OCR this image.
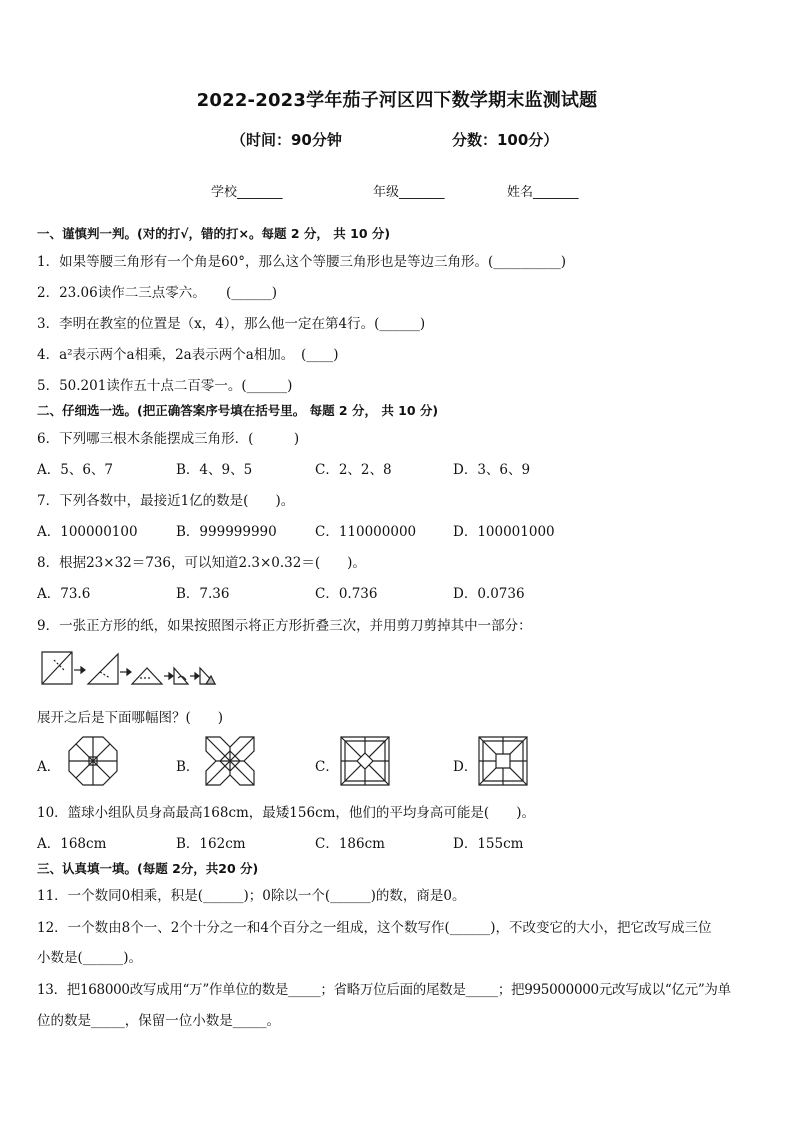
2022-2023学年茄子河区四下数学期末监测试题
（时间：90分钟	分数：100分）
学校_______	年级_______	姓名_______
一、谨慎判一判。(对的打√，错的打×。每题 2 分， 共 10 分)
1．如果等腰三角形有一个角是60°，那么这个等腰三角形也是等边三角形。(__________)
2．23.06读作二三点零六。　　(______)
3．李明在教室的位置是（x，4），那么他一定在第4行。(______)
4．a²表示两个a相乘，2a表示两个a相加。　(____)
5．50.201读作五十点二百零一。(______)
二、仔细选一选。(把正确答案序号填在括号里。 每题 2 分， 共 10 分)
6．下列哪三根木条能摆成三角形．(　　　)
A．5、6、7	B．4、9、5	C．2、2、8	D．3、6、9
7．下列各数中，最接近1亿的数是(　　)。
A．100000100	B．999999990	C．110000000	D．100001000
8．根据23×32＝736，可以知道2.3×0.32＝(　　)。
A．73.6	B．7.36	C．0.736	D．0.0736
9．一张正方形的纸，如果按照图示将正方形折叠三次，并用剪刀剪掉其中一部分：
展开之后是下面哪幅图？(　　)
A．	B．	C．	D．
10．篮球小组队员身高最高168cm，最矮156cm，他们的平均身高可能是(　　)。
A．168cm	B．162cm	C．186cm	D．155cm
三、认真填一填。(每题 2分，共20 分)
11．一个数同0相乘，积是(______)；0除以一个(______)的数，商是0。
12．一个数由8个一、2个十分之一和4个百分之一组成，这个数写作(______)，不改变它的大小，把它改写成三位
小数是(______)。
13．把168000改写成用“万”作单位的数是_____；省略万位后面的尾数是_____；把995000000元改写成以“亿元”为单
位的数是_____，保留一位小数是_____。
